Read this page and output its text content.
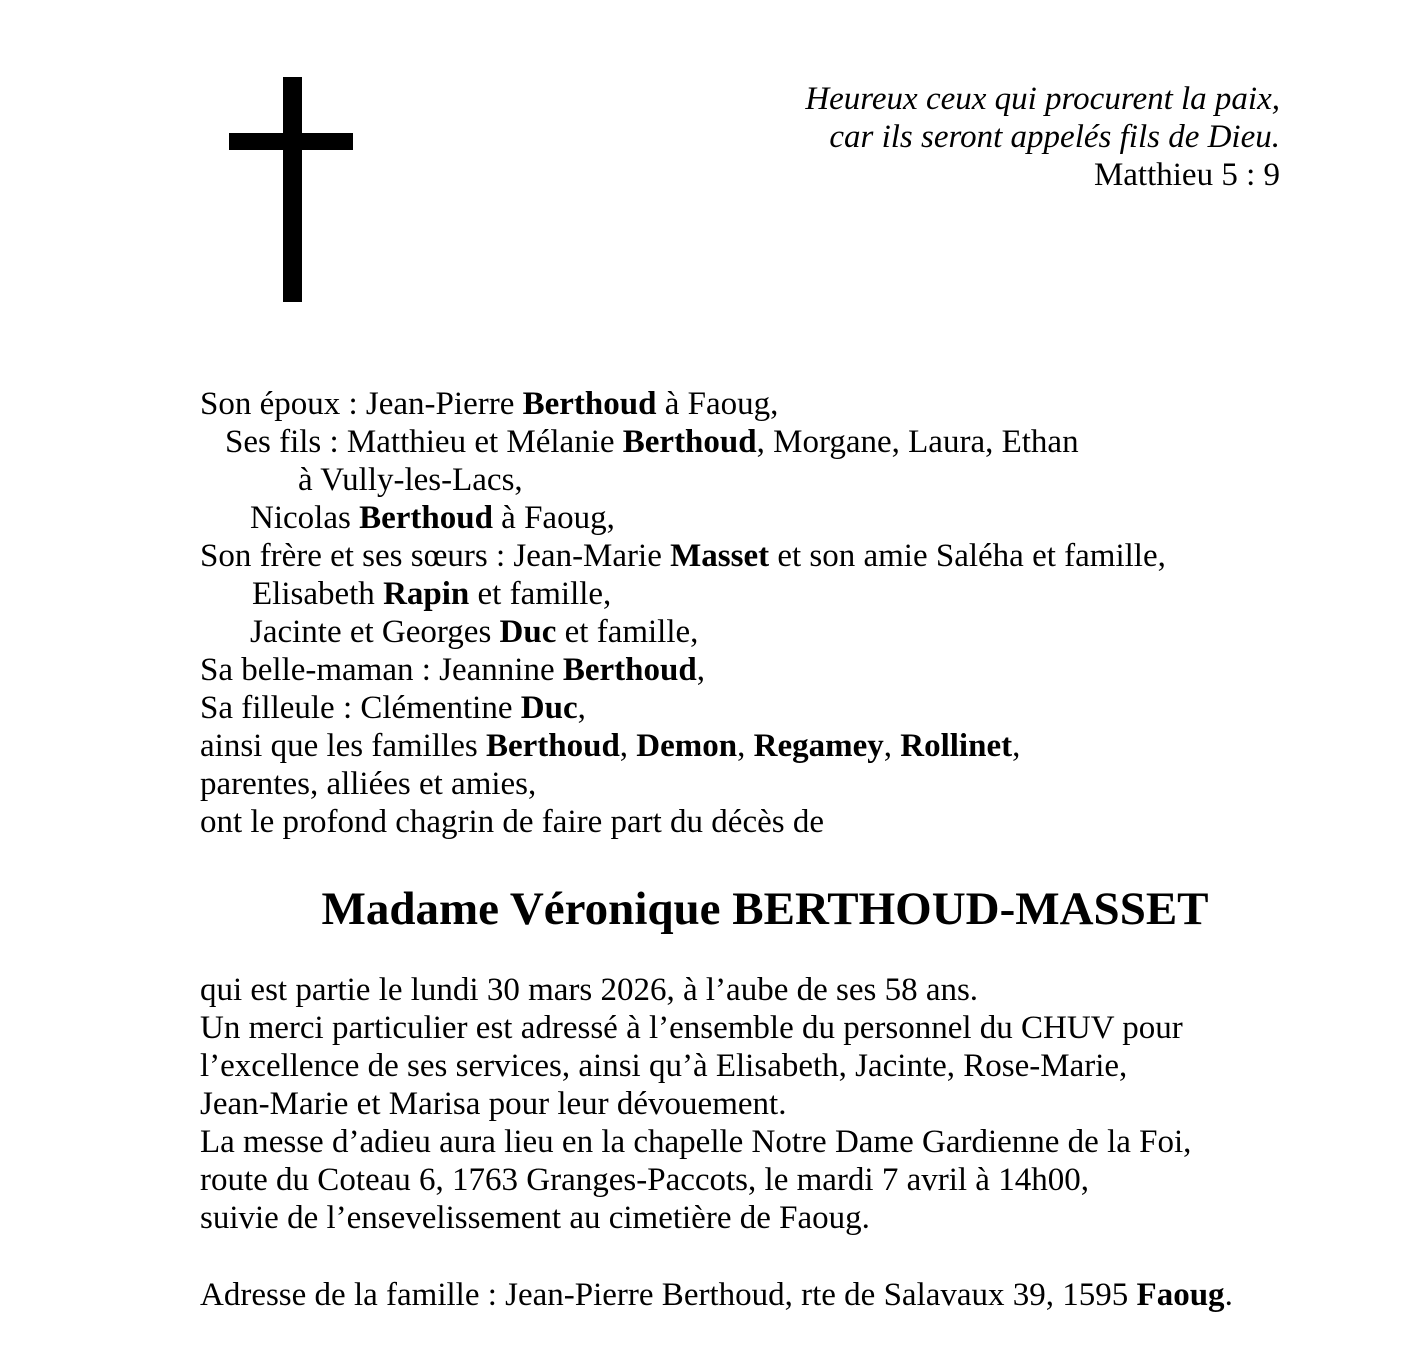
Heureux ceux qui procurent la paix,
car ils seront appelés fils de Dieu.
Matthieu 5 : 9
Son époux : Jean-Pierre Berthoud à Faoug,
Ses fils : Matthieu et Mélanie Berthoud, Morgane, Laura, Ethan
à Vully-les-Lacs,
Nicolas Berthoud à Faoug,
Son frère et ses sœurs : Jean-Marie Masset et son amie Saléha et famille,
Elisabeth Rapin et famille,
Jacinte et Georges Duc et famille,
Sa belle-maman : Jeannine Berthoud,
Sa filleule : Clémentine Duc,
ainsi que les familles Berthoud, Demon, Regamey, Rollinet,
parentes, alliées et amies,
ont le profond chagrin de faire part du décès de
Madame Véronique BERTHOUD-MASSET
qui est partie le lundi 30 mars 2026, à l’aube de ses 58 ans.
Un merci particulier est adressé à l’ensemble du personnel du CHUV pour
l’excellence de ses services, ainsi qu’à Elisabeth, Jacinte, Rose-Marie,
Jean-Marie et Marisa pour leur dévouement.
La messe d’adieu aura lieu en la chapelle Notre Dame Gardienne de la Foi,
route du Coteau 6, 1763 Granges-Paccots, le mardi 7 avril à 14h00,
suivie de l’ensevelissement au cimetière de Faoug.
Adresse de la famille : Jean-Pierre Berthoud, rte de Salavaux 39, 1595 Faoug.
